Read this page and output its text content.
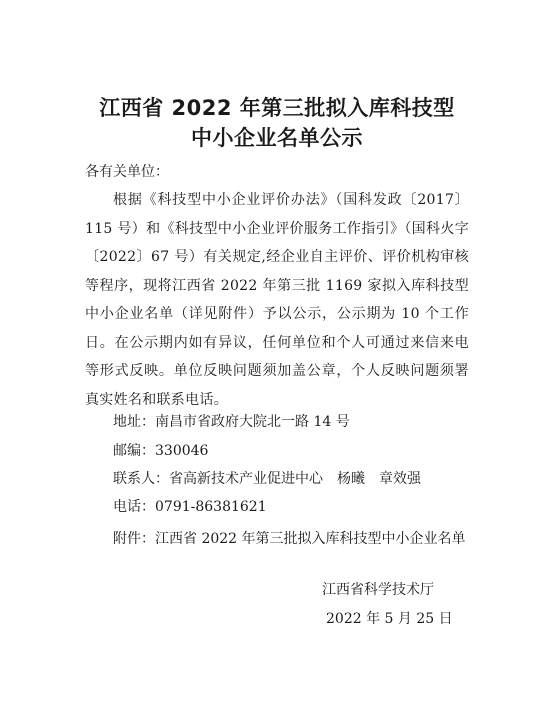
江西省 2022 年第三批拟入库科技型
中小企业名单公示
各有关单位：
根据《科技型中小企业评价办法》（国科发政〔2017〕115 号）和《科技型中小企业评价服务工作指引》（国科火字〔2022〕67 号）有关规定,经企业自主评价、评价机构审核等程序，现将江西省 2022 年第三批 1169 家拟入库科技型中小企业名单（详见附件）予以公示，公示期为 10 个工作日。在公示期内如有异议，任何单位和个人可通过来信来电等形式反映。单位反映问题须加盖公章，个人反映问题须署真实姓名和联系电话。
地址：南昌市省政府大院北一路 14 号
邮编：330046
联系人：省高新技术产业促进中心　杨曦　章效强
电话：0791-86381621
附件：江西省 2022 年第三批拟入库科技型中小企业名单
江西省科学技术厅
2022 年 5 月 25 日
